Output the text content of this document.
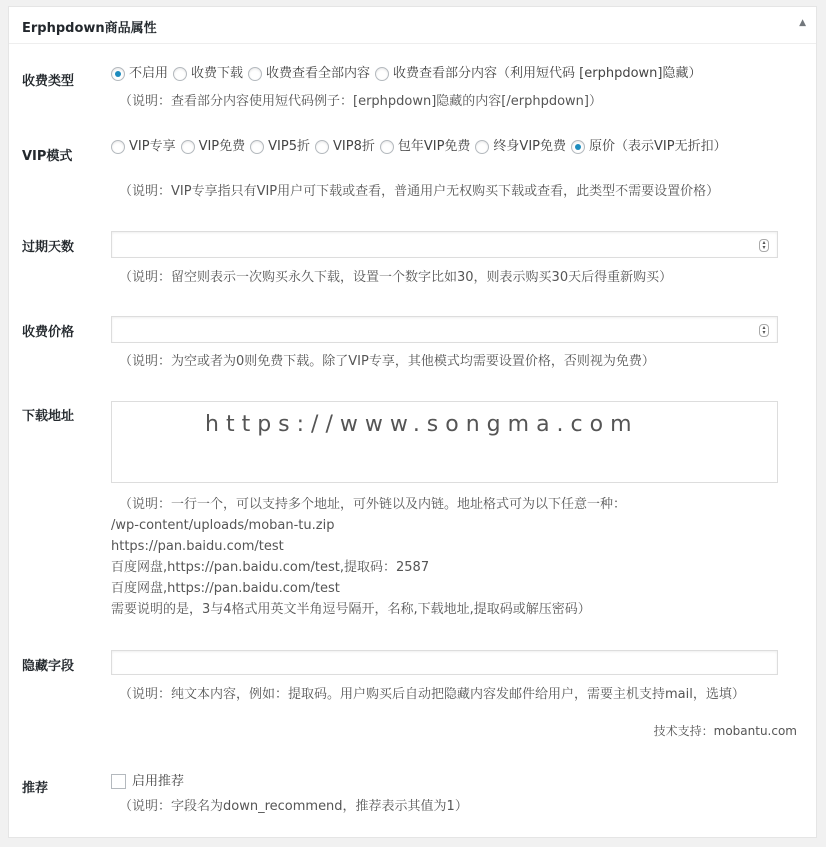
Erphpdown商品属性	▲
收费类型
不启用 收费下载 收费查看全部内容 收费查看部分内容（利用短代码 [erphpdown]隐藏）
（说明：查看部分内容使用短代码例子：[erphpdown]隐藏的内容[/erphpdown]）
VIP模式
VIP专享 VIP免费 VIP5折 VIP8折 包年VIP免费 终身VIP免费 原价（表示VIP无折扣）
（说明：VIP专享指只有VIP用户可下载或查看，普通用户无权购买下载或查看，此类型不需要设置价格）
过期天数	▴
▾
（说明：留空则表示一次购买永久下载，设置一个数字比如30，则表示购买30天后得重新购买）
收费价格	▴
▾
（说明：为空或者为0则免费下载。除了VIP专享，其他模式均需要设置价格，否则视为免费）
下载地址	https://www.songma.com
（说明：一行一个，可以支持多个地址，可外链以及内链。地址格式可为以下任意一种：
/wp-content/uploads/moban-tu.zip
https://pan.baidu.com/test
百度网盘,https://pan.baidu.com/test,提取码：2587
百度网盘,https://pan.baidu.com/test
需要说明的是，3与4格式用英文半角逗号隔开，名称,下载地址,提取码或解压密码）
隐藏字段
（说明：纯文本内容，例如：提取码。用户购买后自动把隐藏内容发邮件给用户，需要主机支持mail，选填）
技术支持：mobantu.com
推荐	启用推荐
（说明：字段名为down_recommend，推荐表示其值为1）
